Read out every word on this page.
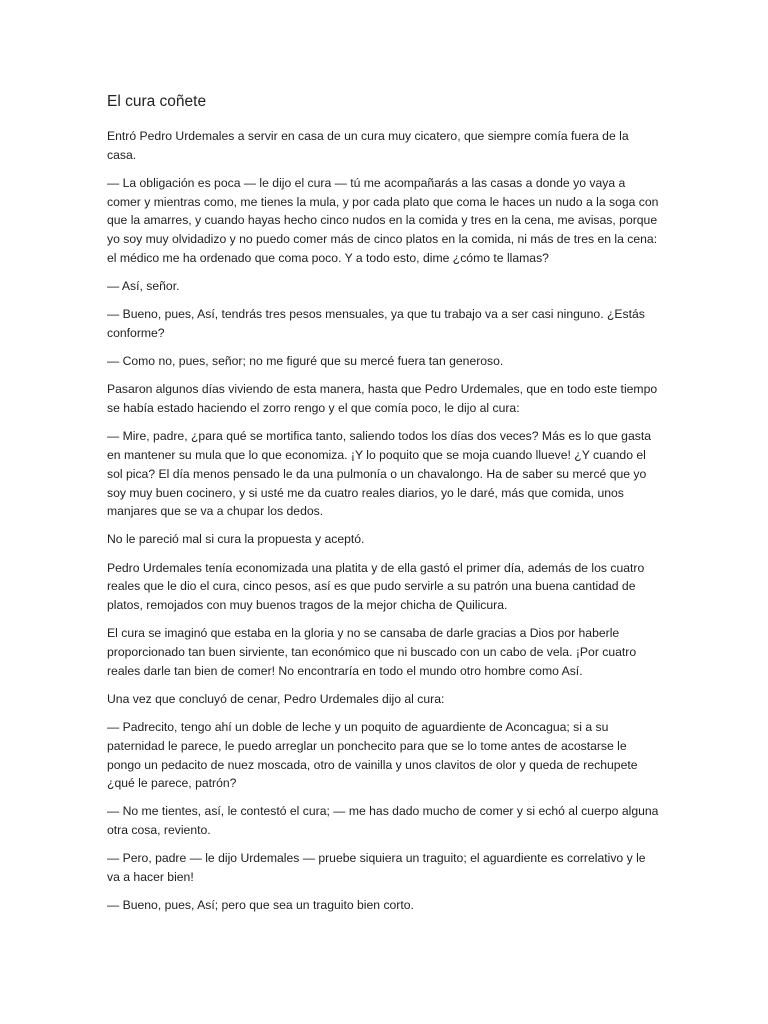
El cura coñete

Entró Pedro Urdemales a servir en casa de un cura muy cicatero, que siempre comía fuera de la casa.

— La obligación es poca — le dijo el cura — tú me acompañarás a las casas a donde yo vaya a comer y mientras como, me tienes la mula, y por cada plato que coma le haces un nudo a la soga con que la amarres, y cuando hayas hecho cinco nudos en la comida y tres en la cena, me avisas, porque yo soy muy olvidadizo y no puedo comer más de cinco platos en la comida, ni más de tres en la cena: el médico me ha ordenado que coma poco. Y a todo esto, dime ¿cómo te llamas?

— Así, señor.

— Bueno, pues, Así, tendrás tres pesos mensuales, ya que tu trabajo va a ser casi ninguno. ¿Estás conforme?

— Como no, pues, señor; no me figuré que su mercé fuera tan generoso.

Pasaron algunos días viviendo de esta manera, hasta que Pedro Urdemales, que en todo este tiempo se había estado haciendo el zorro rengo y el que comía poco, le dijo al cura:

— Mire, padre, ¿para qué se mortifica tanto, saliendo todos los días dos veces? Más es lo que gasta en mantener su mula que lo que economiza. ¡Y lo poquito que se moja cuando llueve! ¿Y cuando el sol pica? El día menos pensado le da una pulmonía o un chavalongo. Ha de saber su mercé que yo soy muy buen cocinero, y si usté me da cuatro reales diarios, yo le daré, más que comida, unos manjares que se va a chupar los dedos.

No le pareció mal si cura la propuesta y aceptó.

Pedro Urdemales tenía economizada una platita y de ella gastó el primer día, además de los cuatro reales que le dio el cura, cinco pesos, así es que pudo servirle a su patrón una buena cantidad de platos, remojados con muy buenos tragos de la mejor chicha de Quilicura.

El cura se imaginó que estaba en la gloria y no se cansaba de darle gracias a Dios por haberle proporcionado tan buen sirviente, tan económico que ni buscado con un cabo de vela. ¡Por cuatro reales darle tan bien de comer! No encontraría en todo el mundo otro hombre como Así.

Una vez que concluyó de cenar, Pedro Urdemales dijo al cura:

— Padrecito, tengo ahí un doble de leche y un poquito de aguardiente de Aconcagua; si a su paternidad le parece, le puedo arreglar un ponchecito para que se lo tome antes de acostarse le pongo un pedacito de nuez moscada, otro de vainilla y unos clavitos de olor y queda de rechupete ¿qué le parece, patrón?

— No me tientes, así, le contestó el cura; — me has dado mucho de comer y si echó al cuerpo alguna otra cosa, reviento.

— Pero, padre — le dijo Urdemales — pruebe siquiera un traguito; el aguardiente es correlativo y le va a hacer bien!

— Bueno, pues, Así; pero que sea un traguito bien corto.
